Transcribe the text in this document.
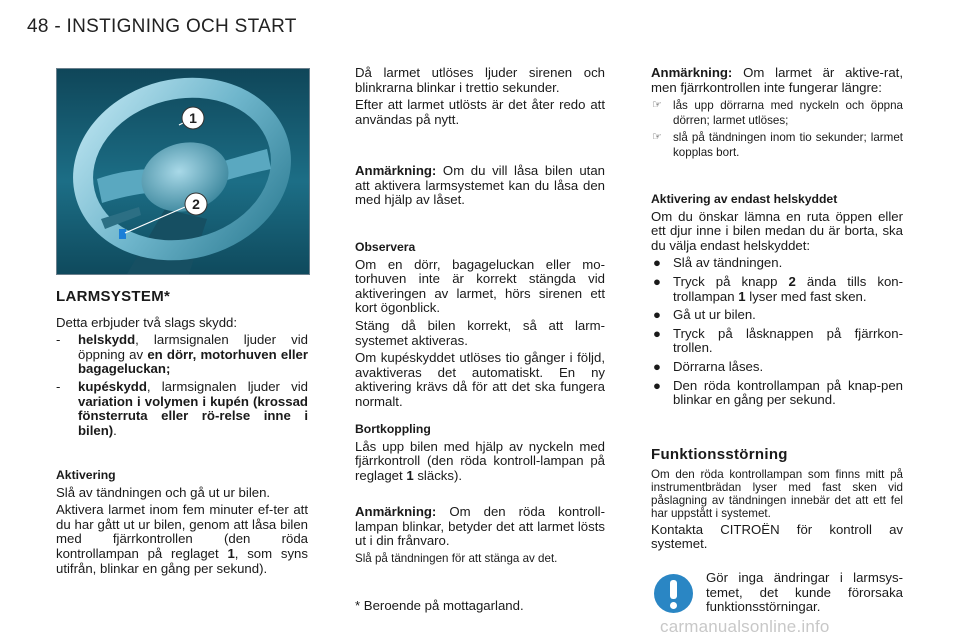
48 - INSTIGNING OCH START
1
2

LARMSYSTEM*

Detta erbjuder två slags skydd:

- helskydd, larmsignalen ljuder vid öppning av en dörr, motorhuven eller bagageluckan;
- kupéskydd, larmsignalen ljuder vid variation i volymen i kupén (krossad fönsterruta eller rö-relse inne i bilen).

Aktivering

Slå av tändningen och gå ut ur bilen.

Aktivera larmet inom fem minuter ef-ter att du har gått ut ur bilen, genom att låsa bilen med fjärrkontrollen (den röda kontrollampan på reglaget 1, som syns utifrån, blinkar en gång per sekund).

Då larmet utlöses ljuder sirenen och blinkrarna blinkar i trettio sekunder.

Efter att larmet utlösts är det åter redo att användas på nytt.

Anmärkning: Om du vill låsa bilen utan att aktivera larmsystemet kan du låsa den med hjälp av låset.

Observera

Om en dörr, bagageluckan eller mo-torhuven inte är korrekt stängda vid aktiveringen av larmet, hörs sirenen ett kort ögonblick.

Stäng då bilen korrekt, så att larm-systemet aktiveras.

Om kupéskyddet utlöses tio gånger i följd, avaktiveras det automatiskt. En ny aktivering krävs då för att det ska fungera normalt.

Bortkoppling

Lås upp bilen med hjälp av nyckeln med fjärrkontroll (den röda kontroll-lampan på reglaget 1 släcks).

Anmärkning: Om den röda kontroll-lampan blinkar, betyder det att larmet lösts ut i din frånvaro.

Slå på tändningen för att stänga av det.

* Beroende på mottagarland.

Anmärkning: Om larmet är aktive-rat, men fjärrkontrollen inte fungerar längre:

☞ lås upp dörrarna med nyckeln och öppna dörren; larmet utlöses;
☞ slå på tändningen inom tio sekunder; larmet kopplas bort.

Aktivering av endast helskyddet

Om du önskar lämna en ruta öppen eller ett djur inne i bilen medan du är borta, ska du välja endast helskyddet:

● Slå av tändningen.
● Tryck på knapp 2 ända tills kon-trollampan 1 lyser med fast sken.
● Gå ut ur bilen.
● Tryck på låsknappen på fjärrkon-trollen.
● Dörrarna låses.
● Den röda kontrollampan på knap-pen blinkar en gång per sekund.

Funktionsstörning

Om den röda kontrollampan som finns mitt på instrumentbrädan lyser med fast sken vid påslagning av tändningen innebär det att ett fel har uppstått i systemet.

Kontakta CITROËN för kontroll av systemet.

Gör inga ändringar i larmsys-temet, det kunde förorsaka funktionsstörningar.
carmanualsonline.info
